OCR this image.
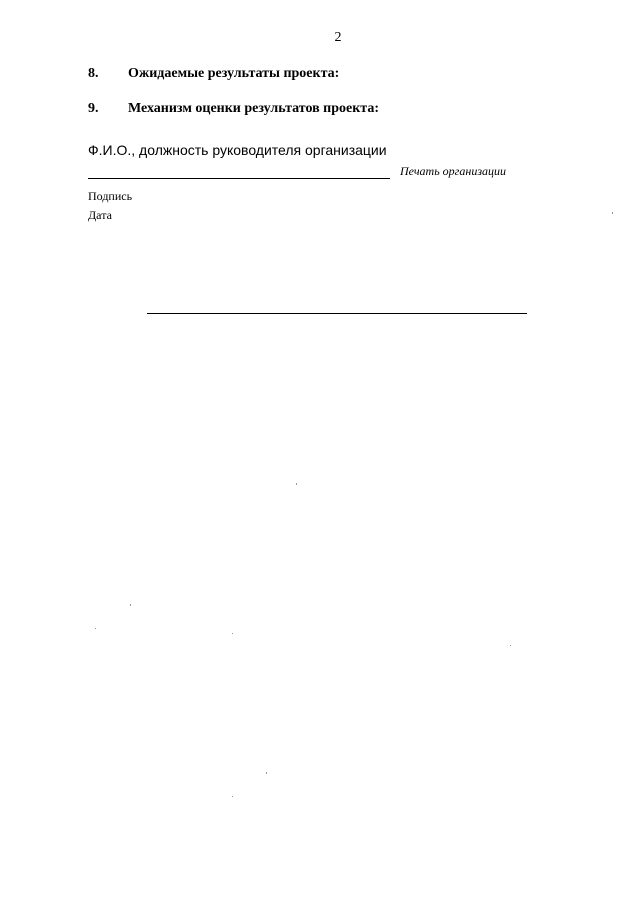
2
8. Ожидаемые результаты проекта:
9. Механизм оценки результатов проекта:
Ф.И.О., должность руководителя организации
Печать организации
Подпись
Дата
